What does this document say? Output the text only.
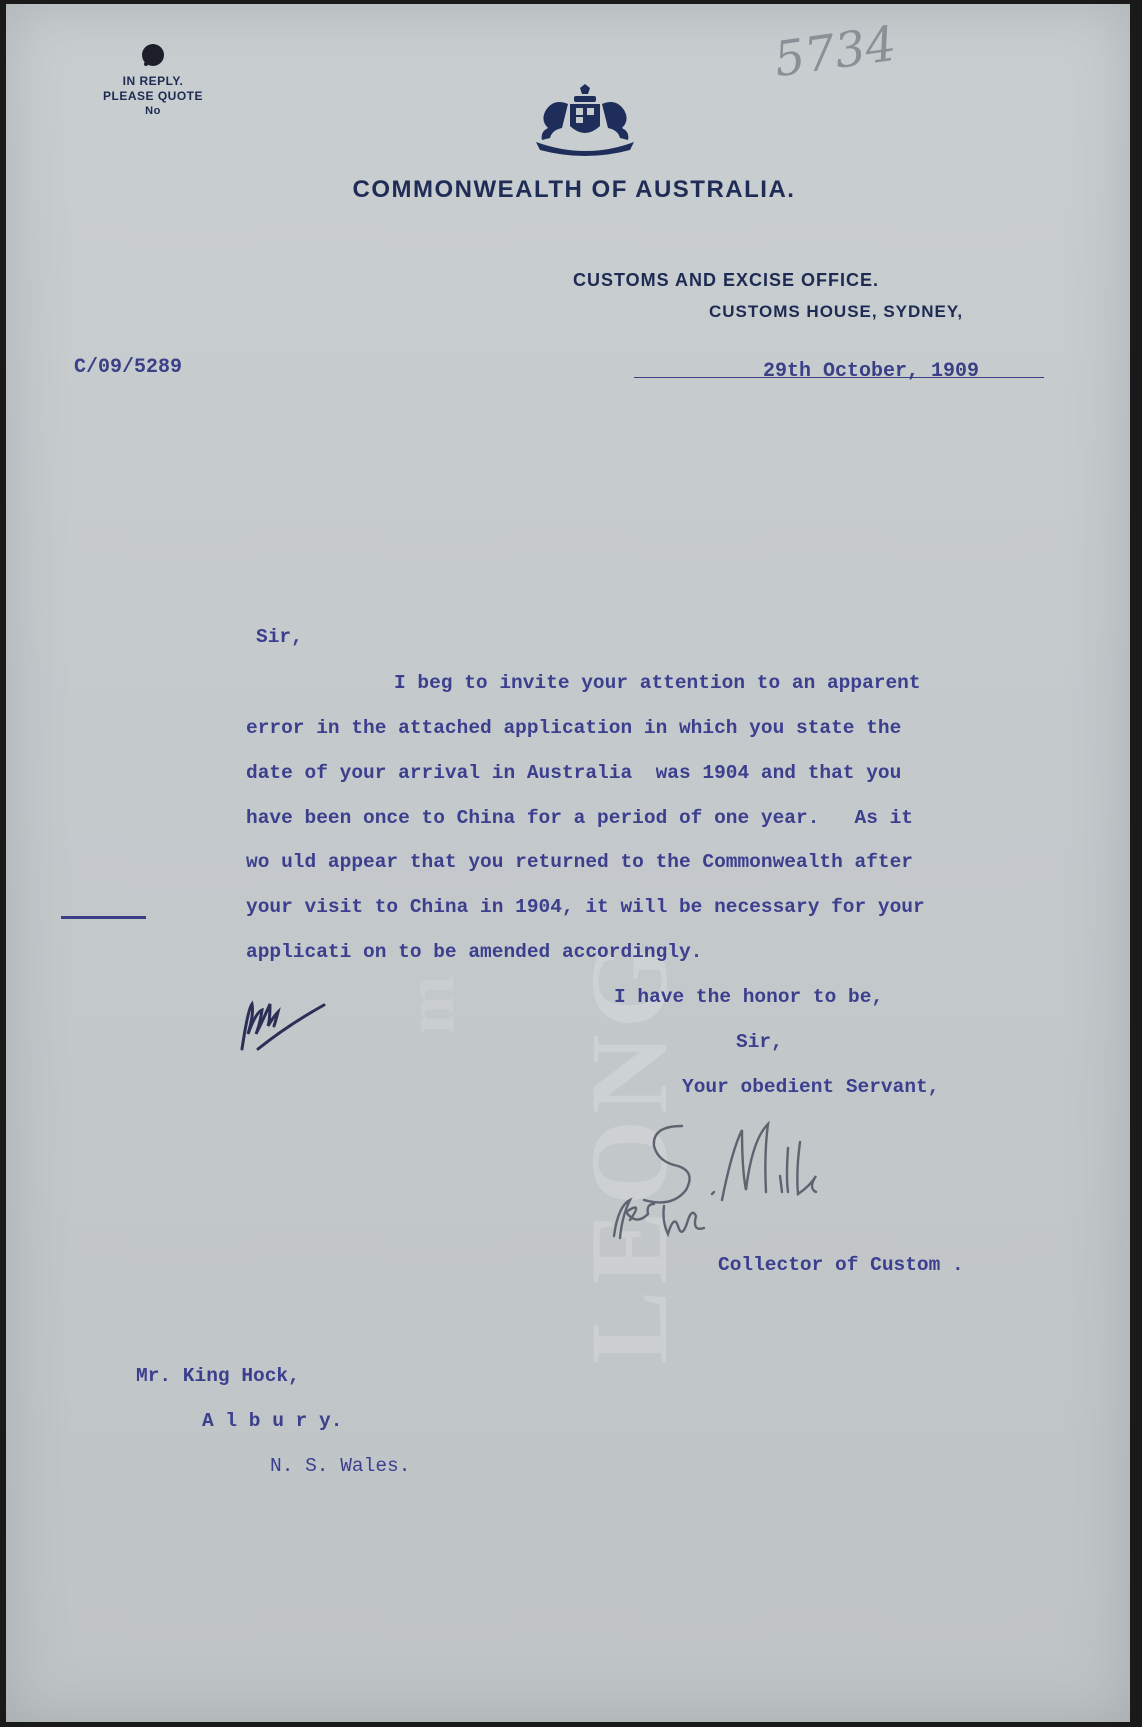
LEONG
m
IN REPLY.
PLEASE QUOTE
No
5734
COMMONWEALTH OF AUSTRALIA.
CUSTOMS AND EXCISE OFFICE.
CUSTOMS HOUSE, SYDNEY,
C/09/5289	29th October, 1909
Sir,
I beg to invite your attention to an apparent
error in the attached application in which you state the
date of your arrival in Australia  was 1904 and that you
have been once to China for a period of one year.   As it
wo uld appear that you returned to the Commonwealth after
your visit to China in 1904, it will be necessary for your
applicati on to be amended accordingly.
I have the honor to be,
Sir,
Your obedient Servant,
Collector of Custom .
Mr. King Hock,
A l b u r y.
N. S. Wales.
